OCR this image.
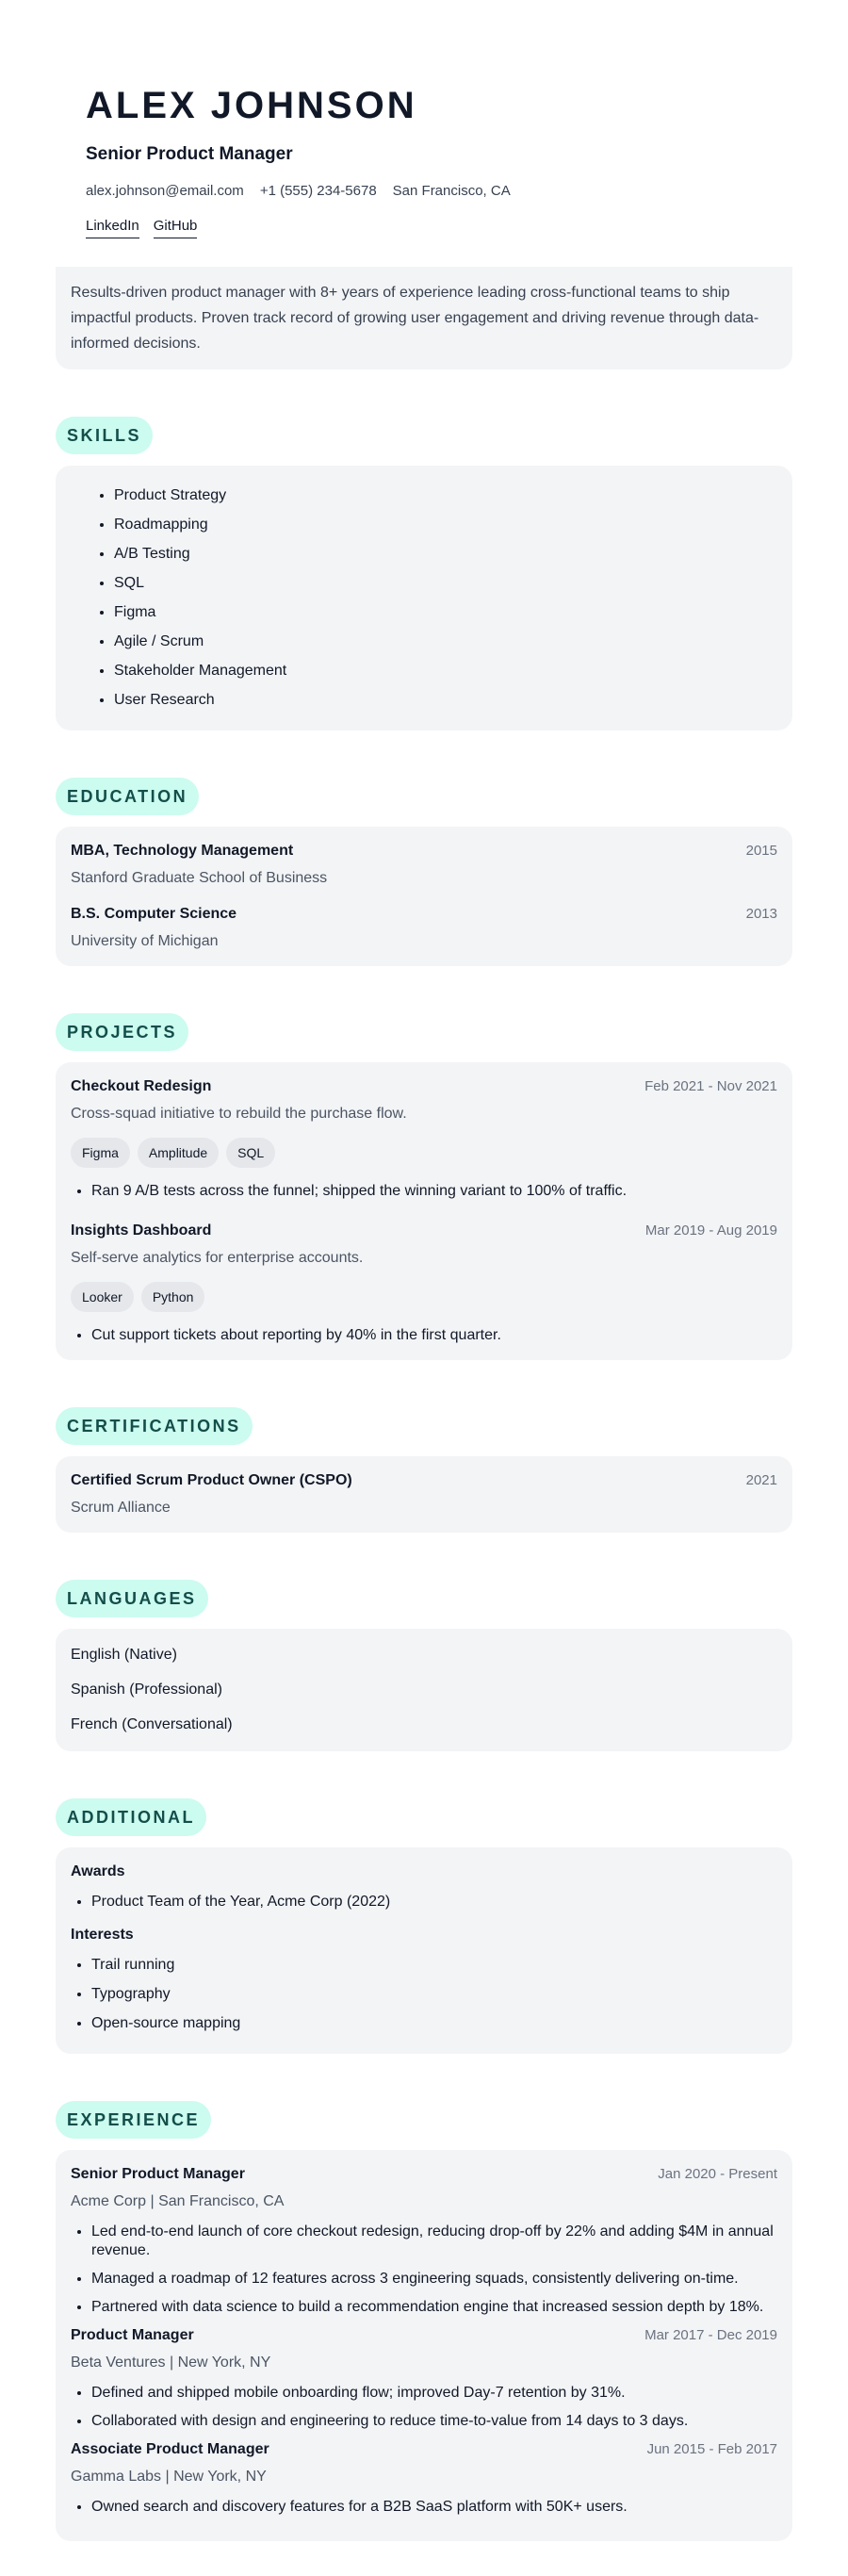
ALEX JOHNSON
Senior Product Manager
alex.johnson@email.com +1 (555) 234-5678 San Francisco, CA
LinkedIn GitHub

Results-driven product manager with 8+ years of experience leading cross-functional teams to ship impactful products. Proven track record of growing user engagement and driving revenue through data-informed decisions.

SKILLS
• Product Strategy
• Roadmapping
• A/B Testing
• SQL
• Figma
• Agile / Scrum
• Stakeholder Management
• User Research
EDUCATION
MBA, Technology Management	2015
Stanford Graduate School of Business
B.S. Computer Science	2013
University of Michigan
PROJECTS
Checkout Redesign	Feb 2021 - Nov 2021
Cross-squad initiative to rebuild the purchase flow.
Figma	Amplitude	SQL
• Ran 9 A/B tests across the funnel; shipped the winning variant to 100% of traffic.
Insights Dashboard	Mar 2019 - Aug 2019
Self-serve analytics for enterprise accounts.
Looker	Python
• Cut support tickets about reporting by 40% in the first quarter.
CERTIFICATIONS
Certified Scrum Product Owner (CSPO)	2021
Scrum Alliance
LANGUAGES
English (Native)
Spanish (Professional)
French (Conversational)
ADDITIONAL
Awards
• Product Team of the Year, Acme Corp (2022)
Interests
• Trail running
• Typography
• Open-source mapping
EXPERIENCE
Senior Product Manager	Jan 2020 - Present
Acme Corp | San Francisco, CA
• Led end-to-end launch of core checkout redesign, reducing drop-off by 22% and adding $4M in annual revenue.
• Managed a roadmap of 12 features across 3 engineering squads, consistently delivering on-time.
• Partnered with data science to build a recommendation engine that increased session depth by 18%.
Product Manager	Mar 2017 - Dec 2019
Beta Ventures | New York, NY
• Defined and shipped mobile onboarding flow; improved Day-7 retention by 31%.
• Collaborated with design and engineering to reduce time-to-value from 14 days to 3 days.
Associate Product Manager	Jun 2015 - Feb 2017
Gamma Labs | New York, NY
• Owned search and discovery features for a B2B SaaS platform with 50K+ users.
